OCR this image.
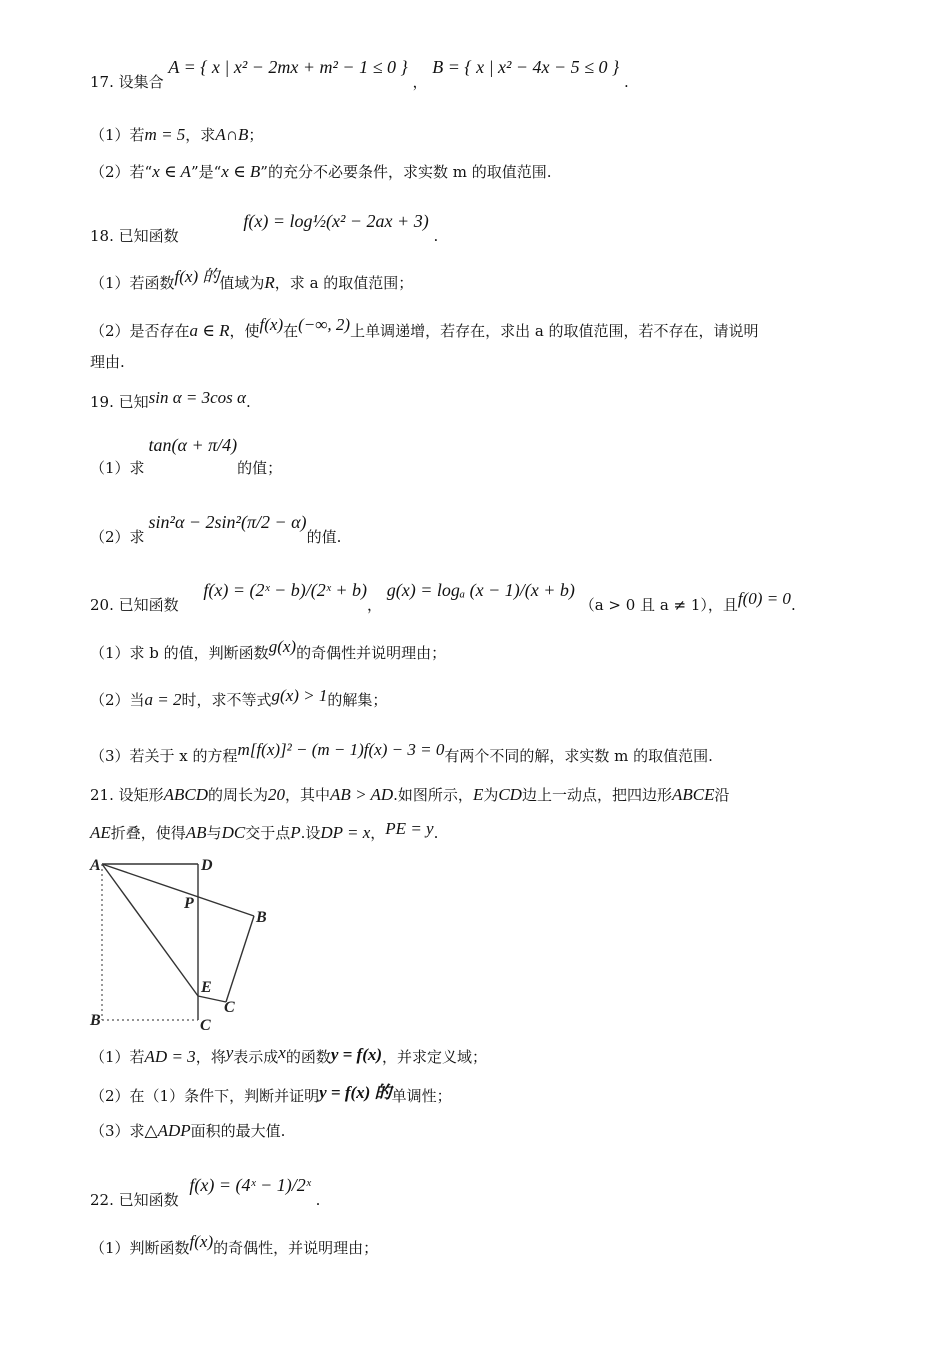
17. 设集合 A = { x | x² − 2mx + m² − 1 ≤ 0 } ， B = { x | x² − 4x − 5 ≤ 0 } .
（1）若m = 5，求A∩B；
（2）若“x ∈ A”是“x ∈ B”的充分不必要条件，求实数 m 的取值范围.
18. 已知函数 f(x) = log½(x² − 2ax + 3) .
（1）若函数f(x) 的值域为R，求 a 的取值范围；
（2）是否存在a ∈ R，使f(x)在(−∞, 2)上单调递增，若存在，求出 a 的取值范围，若不存在，请说明
理由.
19. 已知sin α = 3cos α.
（1）求tan(α + π/4)的值；
（2）求sin²α − 2sin²(π/2 − α)的值.
20. 已知函数 f(x) = (2ˣ − b)/(2ˣ + b)， g(x) = logₐ (x − 1)/(x + b) （a > 0 且 a ≠ 1），且f(0) = 0.
（1）求 b 的值，判断函数g(x)的奇偶性并说明理由；
（2）当a = 2时，求不等式g(x) > 1的解集；
（3）若关于 x 的方程m[f(x)]² − (m − 1)f(x) − 3 = 0有两个不同的解，求实数 m 的取值范围.
21. 设矩形ABCD的周长为20，其中AB > AD.如图所示，E为CD边上一动点，把四边形ABCE沿
AE折叠，使得AB与DC交于点P.设DP = x，PE = y.
A	D
P
B
E
C
B	C
（1）若AD = 3，将y表示成x的函数y = f(x)，并求定义域；
（2）在（1）条件下，判断并证明y = f(x) 的单调性；
（3）求△ADP面积的最大值.
22. 已知函数 f(x) = (4ˣ − 1)/2ˣ .
（1）判断函数f(x)的奇偶性，并说明理由；
